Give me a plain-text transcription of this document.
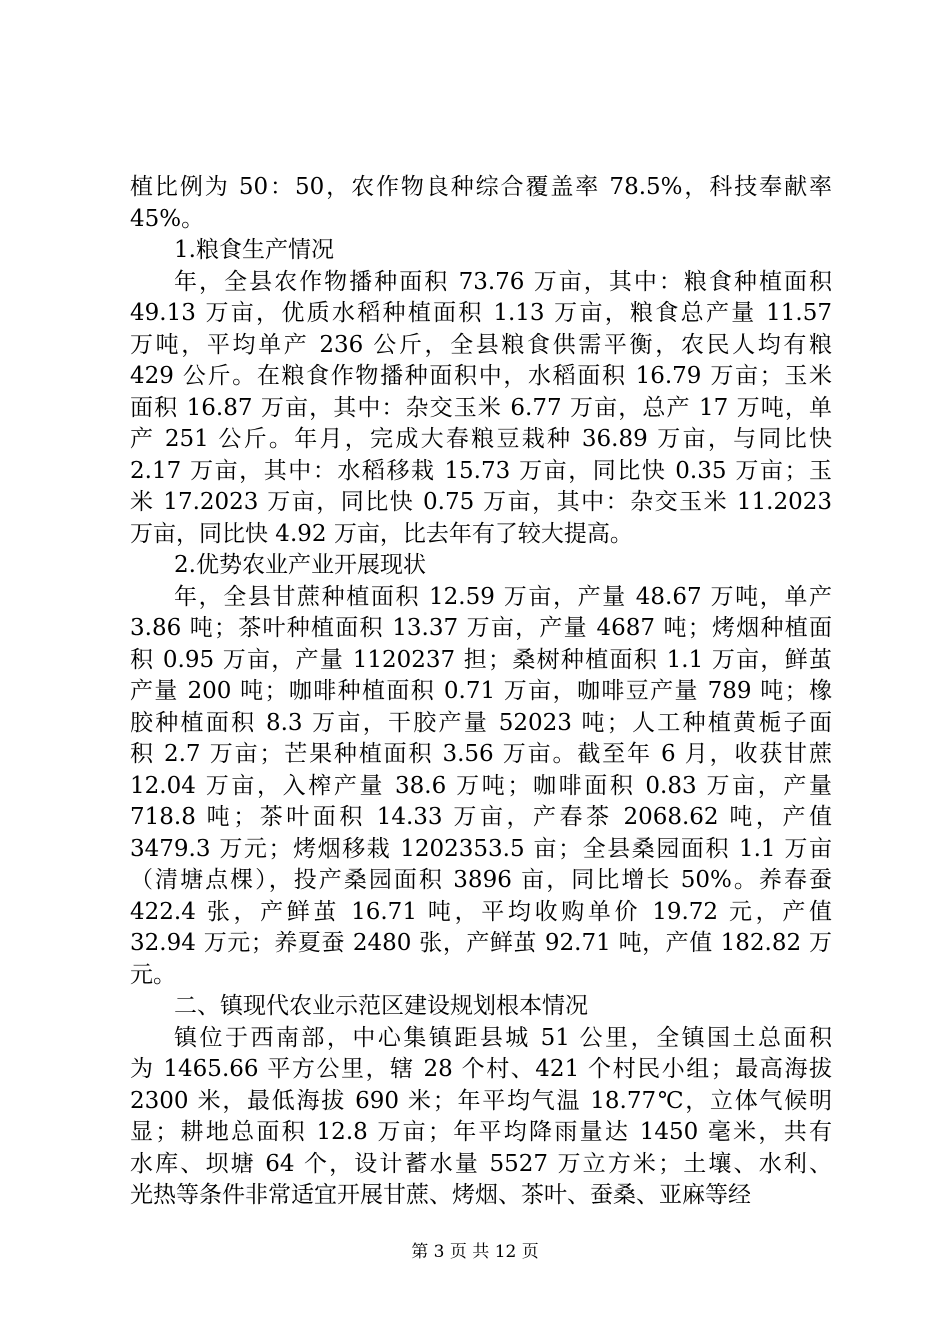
植比例为 50：50，农作物良种综合覆盖率 78.5%，科技奉献率
45%。
1.粮食生产情况
年，全县农作物播种面积 73.76 万亩，其中：粮食种植面积
49.13 万亩，优质水稻种植面积 1.13 万亩，粮食总产量 11.57
万吨，平均单产 236 公斤，全县粮食供需平衡，农民人均有粮
429 公斤。在粮食作物播种面积中，水稻面积 16.79 万亩；玉米
面积 16.87 万亩，其中：杂交玉米 6.77 万亩，总产 17 万吨，单
产 251 公斤。年月，完成大春粮豆栽种 36.89 万亩，与同比快
2.17 万亩，其中：水稻移栽 15.73 万亩，同比快 0.35 万亩；玉
米 17.2023 万亩，同比快 0.75 万亩，其中：杂交玉米 11.2023
万亩，同比快 4.92 万亩，比去年有了较大提高。
2.优势农业产业开展现状
年，全县甘蔗种植面积 12.59 万亩，产量 48.67 万吨，单产
3.86 吨；茶叶种植面积 13.37 万亩，产量 4687 吨；烤烟种植面
积 0.95 万亩，产量 1120237 担；桑树种植面积 1.1 万亩，鲜茧
产量 200 吨；咖啡种植面积 0.71 万亩，咖啡豆产量 789 吨；橡
胶种植面积 8.3 万亩，干胶产量 52023 吨；人工种植黄栀子面
积 2.7 万亩；芒果种植面积 3.56 万亩。截至年 6 月，收获甘蔗
12.04 万亩，入榨产量 38.6 万吨；咖啡面积 0.83 万亩，产量
718.8 吨；茶叶面积 14.33 万亩，产春茶 2068.62 吨，产值
3479.3 万元；烤烟移栽 1202353.5 亩；全县桑园面积 1.1 万亩
（清塘点棵），投产桑园面积 3896 亩，同比增长 50%。养春蚕
422.4 张，产鲜茧 16.71 吨，平均收购单价 19.72 元，产值
32.94 万元；养夏蚕 2480 张，产鲜茧 92.71 吨，产值 182.82 万
元。
二、镇现代农业示范区建设规划根本情况
镇位于西南部，中心集镇距县城 51 公里，全镇国土总面积
为 1465.66 平方公里，辖 28 个村、421 个村民小组；最高海拔
2300 米，最低海拔 690 米；年平均气温 18.77℃，立体气候明
显；耕地总面积 12.8 万亩；年平均降雨量达 1450 毫米，共有
水库、坝塘 64 个，设计蓄水量 5527 万立方米；土壤、水利、
光热等条件非常适宜开展甘蔗、烤烟、茶叶、蚕桑、亚麻等经
第 3 页 共 12 页
